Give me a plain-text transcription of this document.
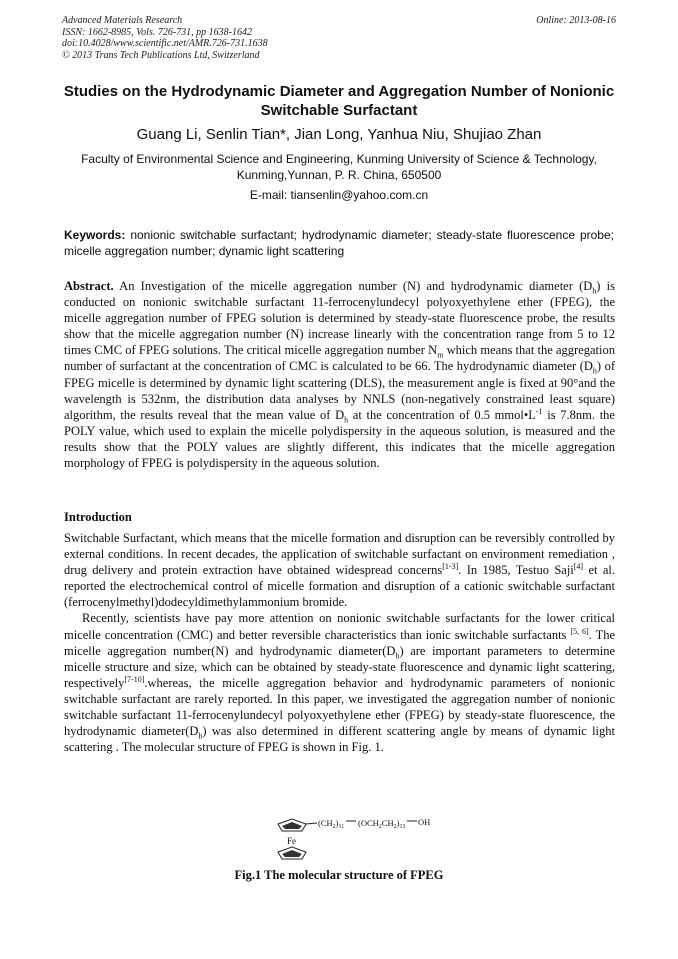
Advanced Materials Research
ISSN: 1662-8985, Vols. 726-731, pp 1638-1642
doi:10.4028/www.scientific.net/AMR.726-731.1638
© 2013 Trans Tech Publications Ltd, Switzerland
Online: 2013-08-16
Studies on the Hydrodynamic Diameter and Aggregation Number of Nonionic Switchable Surfactant
Guang Li, Senlin Tian*, Jian Long, Yanhua Niu, Shujiao Zhan
Faculty of Environmental Science and Engineering, Kunming University of Science & Technology,
Kunming,Yunnan, P. R. China, 650500
E-mail: tiansenlin@yahoo.com.cn
Keywords: nonionic switchable surfactant; hydrodynamic diameter; steady-state fluorescence probe; micelle aggregation number; dynamic light scattering
Abstract. An Investigation of the micelle aggregation number (N) and hydrodynamic diameter $(D_h)$ is conducted on nonionic switchable surfactant 11-ferrocenylundecyl polyoxyethylene ether (FPEG), the micelle aggregation number of FPEG solution is determined by steady-state fluorescence probe, the results show that the micelle aggregation number (N) increase linearly with the concentration range from 5 to 12 times CMC of FPEG solutions. The critical micelle aggregation number $N_m$ which means that the aggregation number of surfactant at the concentration of CMC is calculated to be 66. The hydrodynamic diameter $(D_h)$ of FPEG micelle is determined by dynamic light scattering (DLS), the measurement angle is fixed at 90°and the wavelength is 532nm, the distribution data analyses by NNLS (non-negatively constrained least square) algorithm, the results reveal that the mean value of $D_h$ at the concentration of 0.5 $mmol•L^{-1}$ is 7.8nm. the POLY value, which used to explain the micelle polydispersity in the aqueous solution, is measured and the results show that the POLY values are slightly different, this indicates that the micelle aggregation morphology of FPEG is polydispersity in the aqueous solution.
Introduction

Switchable Surfactant, which means that the micelle formation and disruption can be reversibly controlled by external conditions. In recent decades, the application of switchable surfactant on environment remediation , drug delivery and protein extraction have obtained widespread concerns[1-3]. In 1985, Testuo Saji[4] et al. reported the electrochemical control of micelle formation and disruption of a cationic switchable surfactant (ferrocenylmethyl)dodecyldimethylammonium bromide.

Recently, scientists have pay more attention on nonionic switchable surfactants for the lower critical micelle concentration (CMC) and better reversible characteristics than ionic switchable surfactants [5, 6]. The micelle aggregation number(N) and hydrodynamic $diameter(D_h)$ are important parameters to determine micelle structure and size, which can be obtained by steady-state fluorescence and dynamic light scattering, respectively[7-10].whereas, the micelle aggregation behavior and hydrodynamic parameters of nonionic switchable surfactant are rarely reported. In this paper, we investigated the aggregation number of nonionic switchable surfactant 11-ferrocenylundecyl polyoxyethylene ether (FPEG) by steady-state fluorescence, the hydrodynamic $diameter(D_h)$ was also determined in different scattering angle by means of dynamic light scattering . The molecular structure of FPEG is shown in Fig. 1.

$(CH_2)_{11}$ $(OCH_2CH_2)_{13}$ OH
Fe
Fig.1 The molecular structure of FPEG
